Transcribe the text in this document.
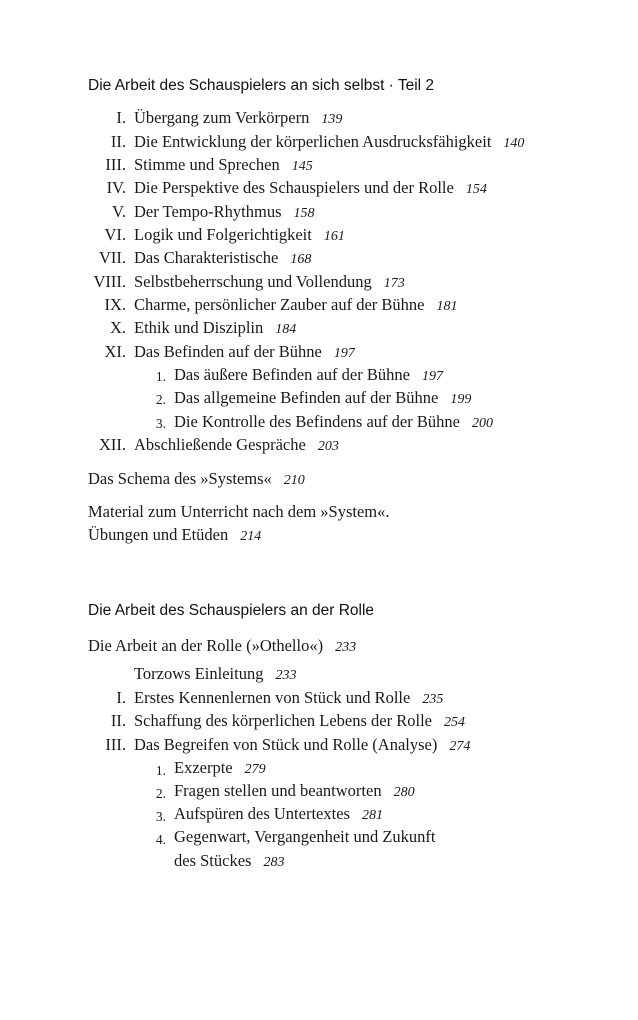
Die Arbeit des Schauspielers an sich selbst · Teil 2
I. Übergang zum Verkörpern 139
II. Die Entwicklung der körperlichen Ausdrucksfähigkeit 140
III. Stimme und Sprechen 145
IV. Die Perspektive des Schauspielers und der Rolle 154
V. Der Tempo-Rhythmus 158
VI. Logik und Folgerichtigkeit 161
VII. Das Charakteristische 168
VIII. Selbstbeherrschung und Vollendung 173
IX. Charme, persönlicher Zauber auf der Bühne 181
X. Ethik und Disziplin 184
XI. Das Befinden auf der Bühne 197
1. Das äußere Befinden auf der Bühne 197
2. Das allgemeine Befinden auf der Bühne 199
3. Die Kontrolle des Befindens auf der Bühne 200
XII. Abschließende Gespräche 203
Das Schema des »Systems« 210
Material zum Unterricht nach dem »System«.
Übungen und Etüden 214
Die Arbeit des Schauspielers an der Rolle
Die Arbeit an der Rolle (»Othello«) 233
Torzows Einleitung 233
I. Erstes Kennenlernen von Stück und Rolle 235
II. Schaffung des körperlichen Lebens der Rolle 254
III. Das Begreifen von Stück und Rolle (Analyse) 274
1. Exzerpte 279
2. Fragen stellen und beantworten 280
3. Aufspüren des Untertextes 281
4. Gegenwart, Vergangenheit und Zukunft
des Stückes 283
